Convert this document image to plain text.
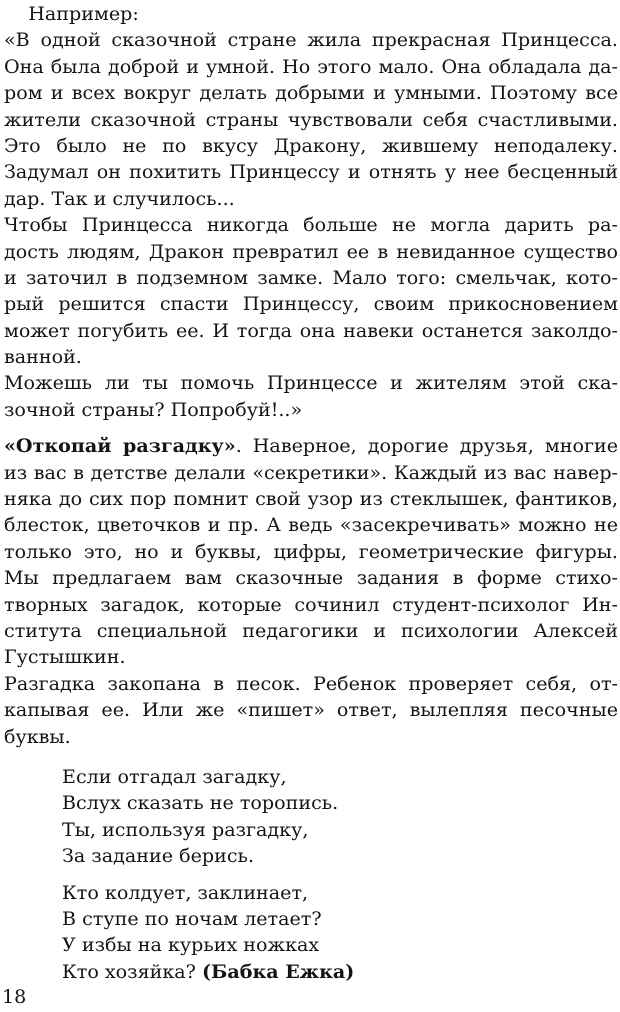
Например:
«В одной сказочной стране жила прекрасная Принцесса.
Она была доброй и умной. Но этого мало. Она обладала да-
ром и всех вокруг делать добрыми и умными. Поэтому все
жители сказочной страны чувствовали себя счастливыми.
Это было не по вкусу Дракону, жившему неподалеку.
Задумал он похитить Принцессу и отнять у нее бесценный
дар. Так и случилось...
Чтобы Принцесса никогда больше не могла дарить ра-
дость людям, Дракон превратил ее в невиданное существо
и заточил в подземном замке. Мало того: смельчак, кото-
рый решится спасти Принцессу, своим прикосновением
может погубить ее. И тогда она навеки останется заколдо-
ванной.
Можешь ли ты помочь Принцессе и жителям этой ска-
зочной страны? Попробуй!..»
«Откопай разгадку». Наверное, дорогие друзья, многие
из вас в детстве делали «секретики». Каждый из вас навер-
няка до сих пор помнит свой узор из стеклышек, фантиков,
блесток, цветочков и пр. А ведь «засекречивать» можно не
только это, но и буквы, цифры, геометрические фигуры.
Мы предлагаем вам сказочные задания в форме стихо-
творных загадок, которые сочинил студент-психолог Ин-
ститута специальной педагогики и психологии Алексей
Густышкин.
Разгадка закопана в песок. Ребенок проверяет себя, от-
капывая ее. Или же «пишет» ответ, вылепляя песочные
буквы.
Если отгадал загадку,
Вслух сказать не торопись.
Ты, используя разгадку,
За задание берись.
Кто колдует, заклинает,
В ступе по ночам летает?
У избы на курьих ножках
Кто хозяйка? (Бабка Ежка)
18
